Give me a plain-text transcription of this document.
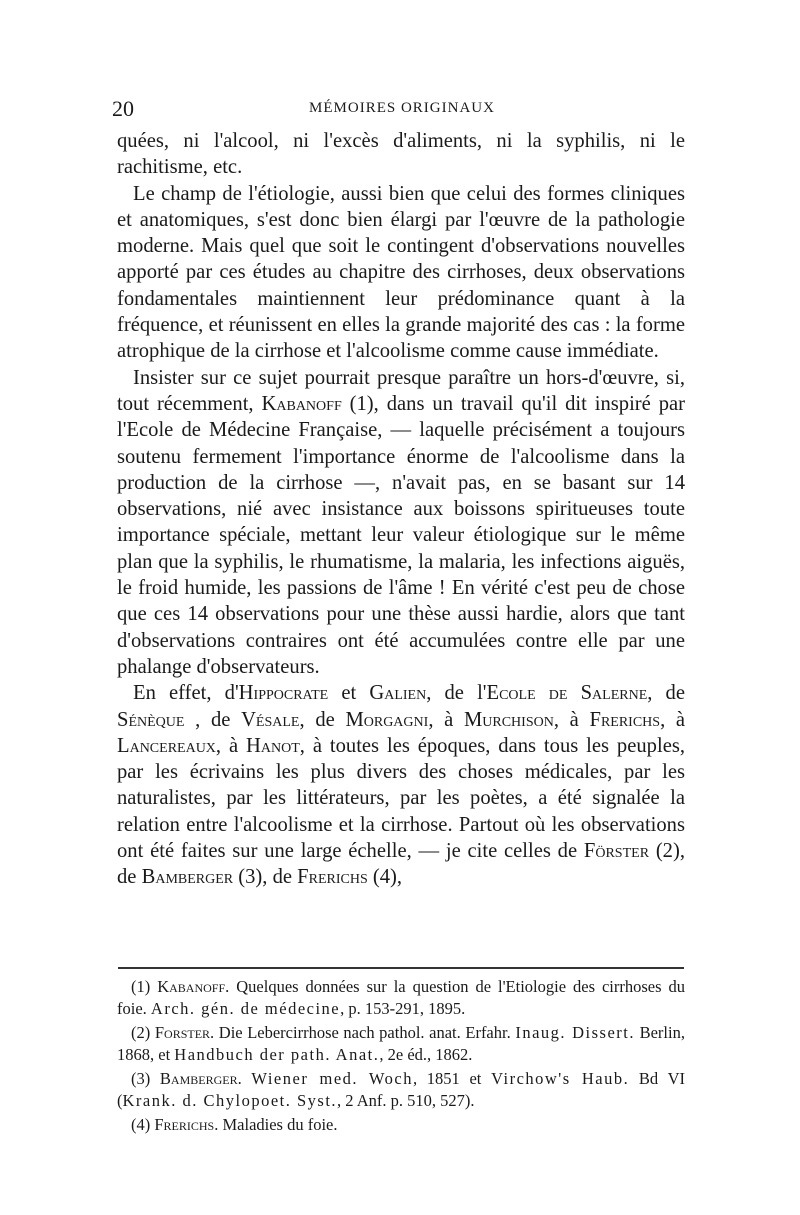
20	MÉMOIRES ORIGINAUX

quées, ni l'alcool, ni l'excès d'aliments, ni la syphilis, ni le rachitisme, etc.

Le champ de l'étiologie, aussi bien que celui des formes cliniques et anatomiques, s'est donc bien élargi par l'œuvre de la pathologie moderne. Mais quel que soit le contingent d'observations nouvelles apporté par ces études au chapitre des cirrhoses, deux observations fondamentales maintiennent leur prédominance quant à la fréquence, et réunissent en elles la grande majorité des cas : la forme atrophique de la cirrhose et l'alcoolisme comme cause immédiate.

Insister sur ce sujet pourrait presque paraître un hors-d'œuvre, si, tout récemment, Kabanoff (1), dans un travail qu'il dit inspiré par l'Ecole de Médecine Française, — laquelle précisément a toujours soutenu fermement l'importance énorme de l'alcoolisme dans la production de la cirrhose —, n'avait pas, en se basant sur 14 observations, nié avec insistance aux boissons spiritueuses toute importance spéciale, mettant leur valeur étiologique sur le même plan que la syphilis, le rhumatisme, la malaria, les infections aiguës, le froid humide, les passions de l'âme ! En vérité c'est peu de chose que ces 14 observations pour une thèse aussi hardie, alors que tant d'observations contraires ont été accumulées contre elle par une phalange d'observateurs.

En effet, d'Hippocrate et Galien, de l'Ecole de Salerne, de Sénèque , de Vésale, de Morgagni, à Murchison, à Frerichs, à Lancereaux, à Hanot, à toutes les époques, dans tous les peuples, par les écrivains les plus divers des choses médicales, par les naturalistes, par les littérateurs, par les poètes, a été signalée la relation entre l'alcoolisme et la cirrhose. Partout où les observations ont été faites sur une large échelle, — je cite celles de Förster (2), de Bamberger (3), de Frerichs (4),

(1) Kabanoff. Quelques données sur la question de l'Etiologie des cirrhoses du foie. Arch. gén. de médecine, p. 153-291, 1895.

(2) Forster. Die Lebercirrhose nach pathol. anat. Erfahr. Inaug. Dissert. Berlin, 1868, et Handbuch der path. Anat., 2e éd., 1862.

(3) Bamberger. Wiener med. Woch, 1851 et Virchow's Haub. Bd VI (Krank. d. Chylopoet. Syst., 2 Anf. p. 510, 527).

(4) Frerichs. Maladies du foie.
